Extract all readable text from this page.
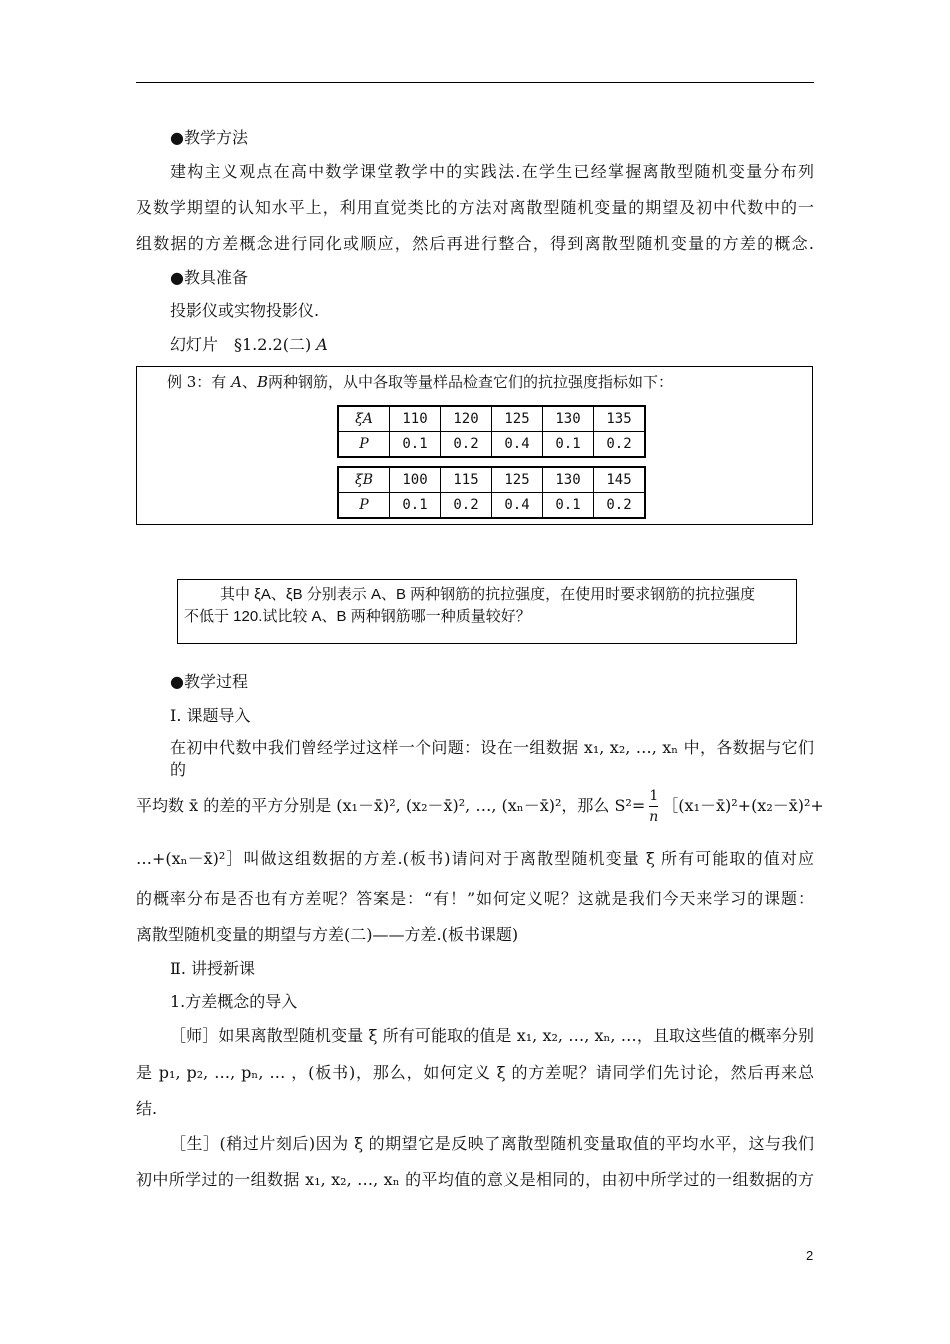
●教学方法
建构主义观点在高中数学课堂教学中的实践法.在学生已经掌握离散型随机变量分布列
及数学期望的认知水平上，利用直觉类比的方法对离散型随机变量的期望及初中代数中的一
组数据的方差概念进行同化或顺应，然后再进行整合，得到离散型随机变量的方差的概念.
●教具准备
投影仪或实物投影仪.
幻灯片　§1.2.2(二) A
例 3：有 A、B两种钢筋，从中各取等量样品检查它们的抗拉强度指标如下：
ξA	110	120	125	130	135
P	0.1	0.2	0.4	0.1	0.2
ξB	100	115	125	130	145
P	0.1	0.2	0.4	0.1	0.2
其中 ξA、ξB 分别表示 A、B 两种钢筋的抗拉强度，在使用时要求钢筋的抗拉强度
不低于 120.试比较 A、B 两种钢筋哪一种质量较好？
●教学过程
Ⅰ. 课题导入
在初中代数中我们曾经学过这样一个问题：设在一组数据 x₁, x₂, …, xₙ 中，各数据与它们的
平均数 x̄ 的差的平方分别是 (x₁－x̄)², (x₂－x̄)², …, (xₙ－x̄)²，那么 $S^2= \frac{1}{n}$ ［(x₁－x̄)²+(x₂－x̄)²+
…+(xₙ－x̄)²］叫做这组数据的方差.(板书)请问对于离散型随机变量 ξ 所有可能取的值对应
的概率分布是否也有方差呢？答案是：“有！”如何定义呢？这就是我们今天来学习的课题：
离散型随机变量的期望与方差(二)——方差.(板书课题)
Ⅱ. 讲授新课
1.方差概念的导入
［师］如果离散型随机变量 ξ 所有可能取的值是 x₁, x₂, …, xₙ, …，且取这些值的概率分别
是 p₁, p₂, …, pₙ, … ，(板书)，那么，如何定义 ξ 的方差呢？请同学们先讨论，然后再来总
结.
［生］(稍过片刻后)因为 ξ 的期望它是反映了离散型随机变量取值的平均水平，这与我们
初中所学过的一组数据 x₁, x₂, …, xₙ 的平均值的意义是相同的，由初中所学过的一组数据的方
2
